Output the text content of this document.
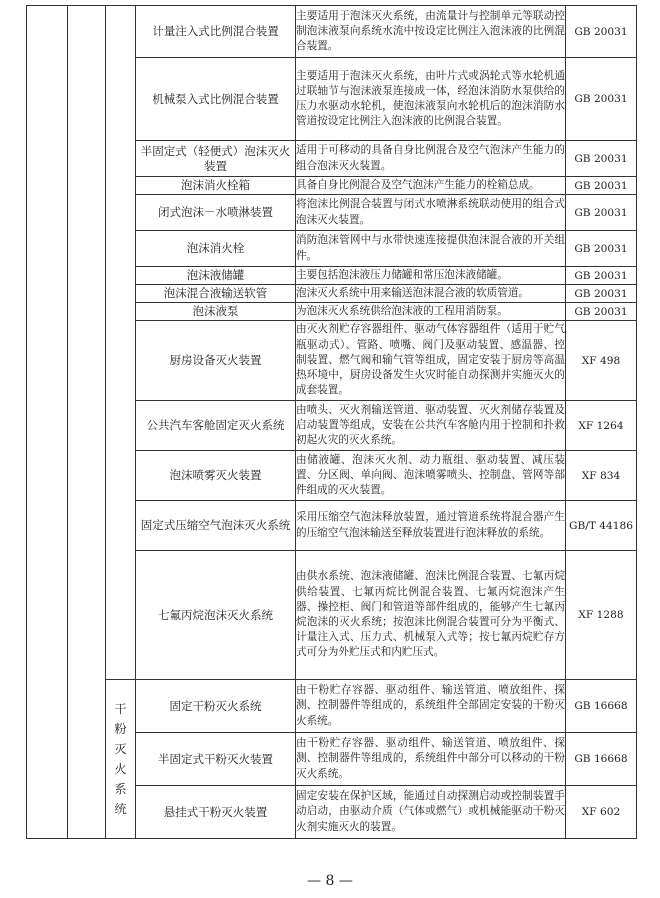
			计量注入式比例混合装置	主要适用于泡沫灭火系统，由流量计与控制单元等联动控制泡沫液泵向系统水流中按设定比例注入泡沫液的比例混合装置。	GB 20031
			机械泵入式比例混合装置	主要适用于泡沫灭火系统，由叶片式或涡轮式等水轮机通过联轴节与泡沫液泵连接成一体，经泡沫消防水泵供给的压力水驱动水轮机，使泡沫液泵向水轮机后的泡沫消防水管道按设定比例注入泡沫液的比例混合装置。	GB 20031
			半固定式（轻便式）泡沫灭火装置	适用于可移动的具备自身比例混合及空气泡沫产生能力的组合泡沫灭火装置。	GB 20031
			泡沫消火栓箱	具备自身比例混合及空气泡沫产生能力的栓箱总成。	GB 20031
			闭式泡沫－水喷淋装置	将泡沫比例混合装置与闭式水喷淋系统联动使用的组合式泡沫灭火装置。	GB 20031
			泡沫消火栓	消防泡沫管网中与水带快速连接提供泡沫混合液的开关组件。	GB 20031
			泡沫液储罐	主要包括泡沫液压力储罐和常压泡沫液储罐。	GB 20031
			泡沫混合液输送软管	泡沫灭火系统中用来输送泡沫混合液的软质管道。	GB 20031
			泡沫液泵	为泡沫灭火系统供给泡沫液的工程用消防泵。	GB 20031
			厨房设备灭火装置	由灭火剂贮存容器组件、驱动气体容器组件（适用于贮气瓶驱动式）、管路、喷嘴、阀门及驱动装置、感温器、控制装置、燃气阀和输气管等组成，固定安装于厨房等高温热环境中，厨房设备发生火灾时能自动探测并实施灭火的成套装置。	XF 498
			公共汽车客舱固定灭火系统	由喷头、灭火剂输送管道、驱动装置、灭火剂储存装置及启动装置等组成，安装在公共汽车客舱内用于控制和扑救初起火灾的灭火系统。	XF 1264
			泡沫喷雾灭火装置	由储液罐、泡沫灭火剂、动力瓶组、驱动装置、减压装置、分区阀、单向阀、泡沫喷雾喷头、控制盘、管网等部件组成的灭火装置。	XF 834
			固定式压缩空气泡沫灭火系统	采用压缩空气泡沫释放装置，通过管道系统将混合器产生的压缩空气泡沫输送至释放装置进行泡沫释放的系统。	GB/T 44186
			七氟丙烷泡沫灭火系统	由供水系统、泡沫液储罐、泡沫比例混合装置、七氟丙烷供给装置、七氟丙烷比例混合装置、七氟丙烷泡沫产生器、操控柜、阀门和管道等部件组成的，能够产生七氟丙烷泡沫的灭火系统；按泡沫比例混合装置可分为平衡式、计量注入式、压力式、机械泵入式等；按七氟丙烷贮存方式可分为外贮压式和内贮压式。	XF 1288
		干粉灭火系统	固定干粉灭火系统	由干粉贮存容器、驱动组件、输送管道、喷放组件、探测、控制器件等组成的，系统组件全部固定安装的干粉灭火系统。	GB 16668
			半固定式干粉灭火装置	由干粉贮存容器、驱动组件、输送管道、喷放组件、探测、控制器件等组成的，系统组件中部分可以移动的干粉灭火系统。	GB 16668
			悬挂式干粉灭火装置	固定安装在保护区域，能通过自动探测启动或控制装置手动启动，由驱动介质（气体或燃气）或机械能驱动干粉灭火剂实施灭火的装置。	XF 602
— 8 —
